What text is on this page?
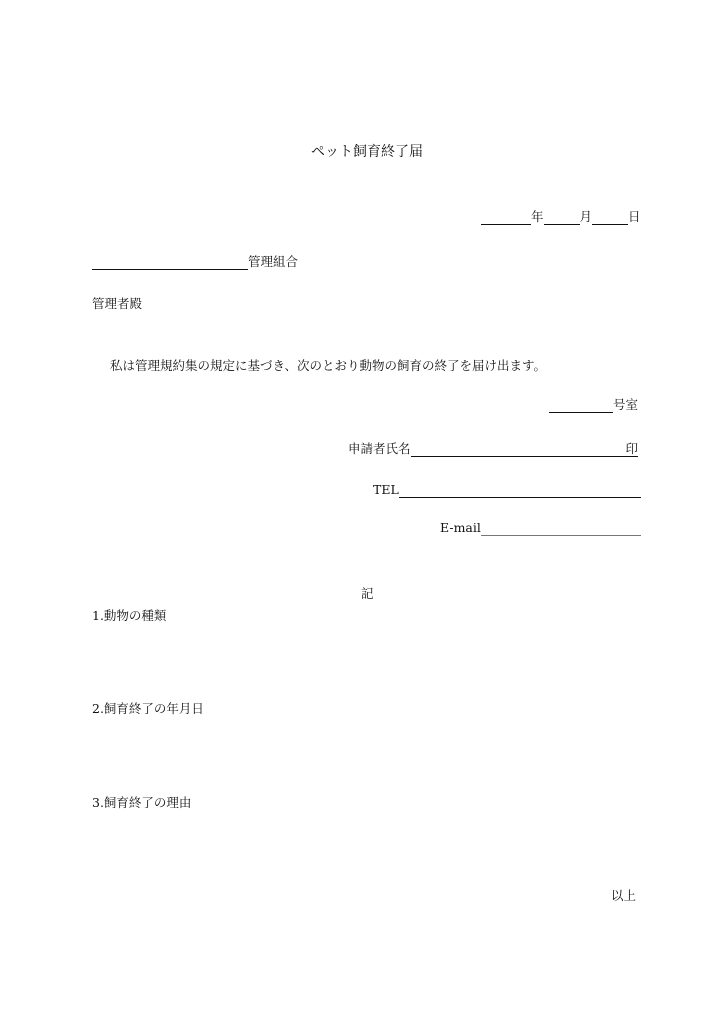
ペット飼育終了届
年	月	日
管理組合
管理者殿
私は管理規約集の規定に基づき、次のとおり動物の飼育の終了を届け出ます。
号室
申請者氏名	印
TEL
E-mail
記
1.動物の種類
2.飼育終了の年月日
3.飼育終了の理由
以上
